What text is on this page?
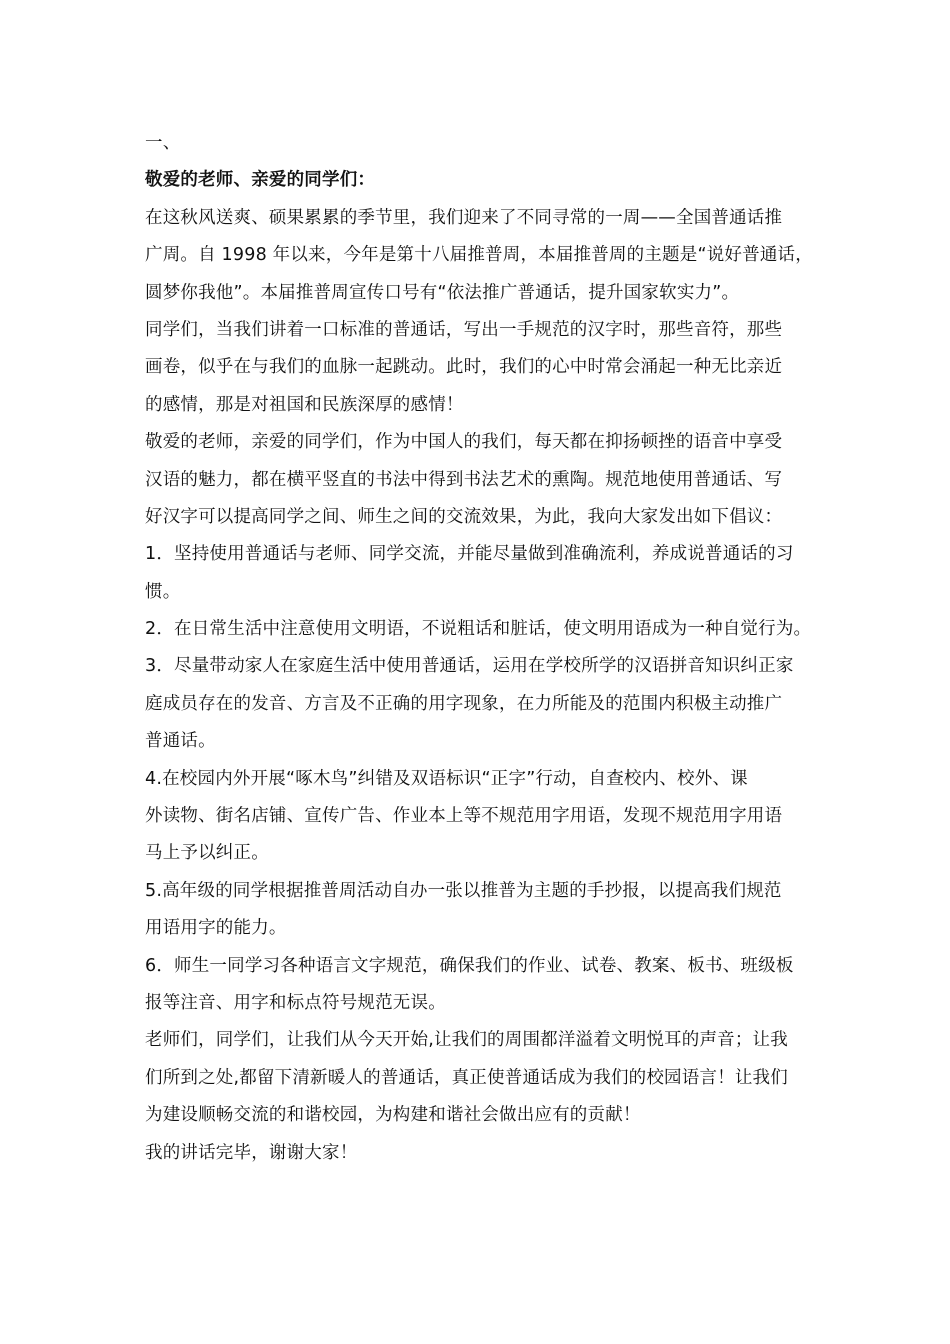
一、
敬爱的老师、亲爱的同学们：
在这秋风送爽、硕果累累的季节里，我们迎来了不同寻常的一周——全国普通话推
广周。自 1998 年以来，今年是第十八届推普周，本届推普周的主题是“说好普通话，
圆梦你我他”。本届推普周宣传口号有“依法推广普通话，提升国家软实力”。
同学们，当我们讲着一口标准的普通话，写出一手规范的汉字时，那些音符，那些
画卷，似乎在与我们的血脉一起跳动。此时，我们的心中时常会涌起一种无比亲近
的感情，那是对祖国和民族深厚的感情！
敬爱的老师，亲爱的同学们，作为中国人的我们，每天都在抑扬顿挫的语音中享受
汉语的魅力，都在横平竖直的书法中得到书法艺术的熏陶。规范地使用普通话、写
好汉字可以提高同学之间、师生之间的交流效果，为此，我向大家发出如下倡议：
1．坚持使用普通话与老师、同学交流，并能尽量做到准确流利，养成说普通话的习
惯。
2．在日常生活中注意使用文明语，不说粗话和脏话，使文明用语成为一种自觉行为。
3．尽量带动家人在家庭生活中使用普通话，运用在学校所学的汉语拼音知识纠正家
庭成员存在的发音、方言及不正确的用字现象，在力所能及的范围内积极主动推广
普通话。
4.在校园内外开展“啄木鸟”纠错及双语标识“正字”行动，自查校内、校外、课
外读物、街名店铺、宣传广告、作业本上等不规范用字用语，发现不规范用字用语
马上予以纠正。
5.高年级的同学根据推普周活动自办一张以推普为主题的手抄报，以提高我们规范
用语用字的能力。
6．师生一同学习各种语言文字规范，确保我们的作业、试卷、教案、板书、班级板
报等注音、用字和标点符号规范无误。
老师们，同学们，让我们从今天开始,让我们的周围都洋溢着文明悦耳的声音；让我
们所到之处,都留下清新暖人的普通话，真正使普通话成为我们的校园语言！让我们
为建设顺畅交流的和谐校园，为构建和谐社会做出应有的贡献！
我的讲话完毕，谢谢大家！
